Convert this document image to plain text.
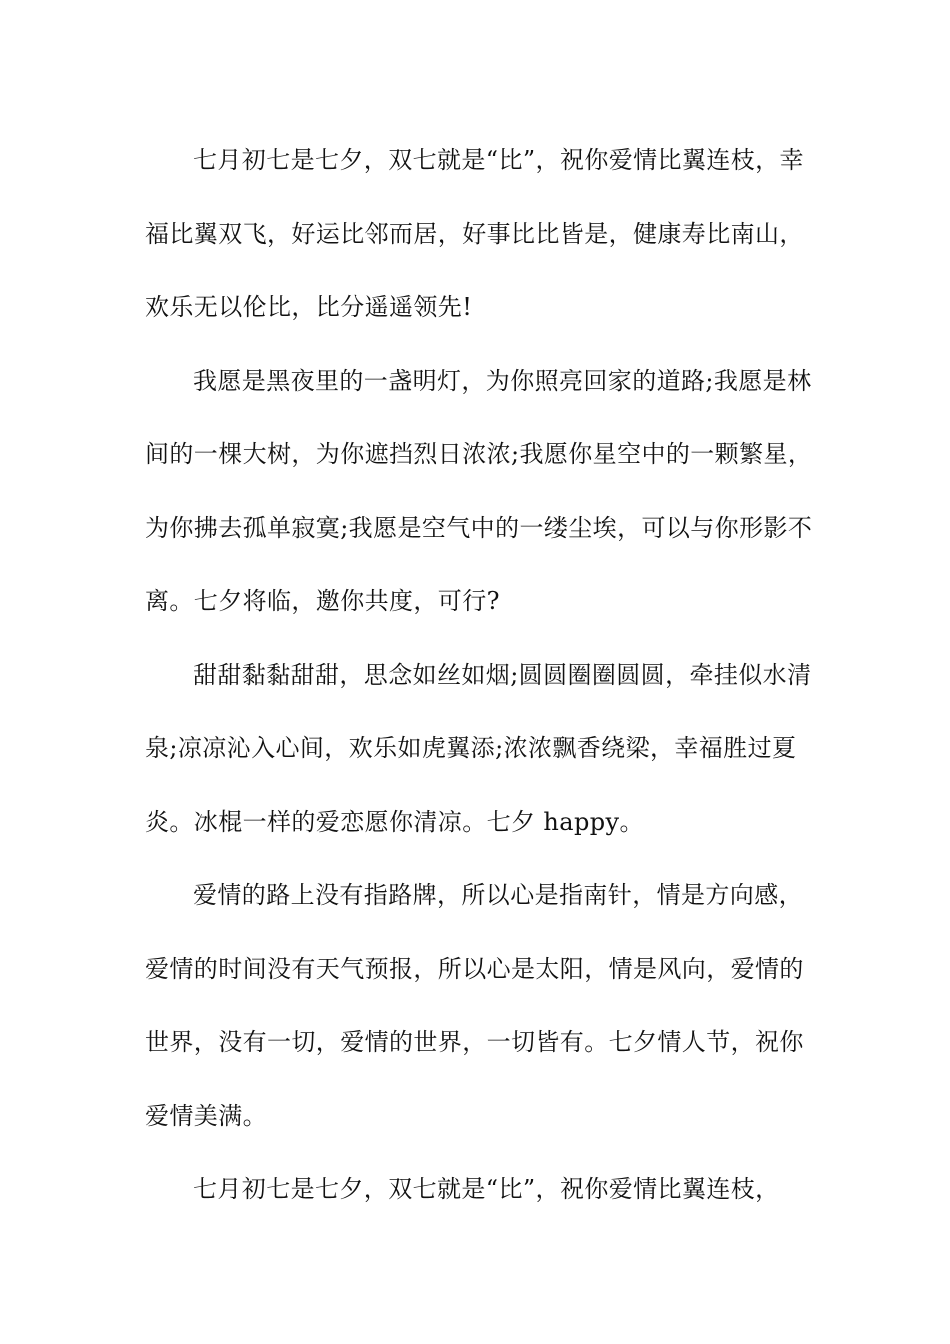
七月初七是七夕，双七就是“比”，祝你爱情比翼连枝，幸福比翼双飞，好运比邻而居，好事比比皆是，健康寿比南山，欢乐无以伦比，比分遥遥领先!

我愿是黑夜里的一盏明灯，为你照亮回家的道路;我愿是林间的一棵大树，为你遮挡烈日浓浓;我愿你星空中的一颗繁星，为你拂去孤单寂寞;我愿是空气中的一缕尘埃，可以与你形影不离。七夕将临，邀你共度，可行?

甜甜黏黏甜甜，思念如丝如烟;圆圆圈圈圆圆，牵挂似水清泉;凉凉沁入心间，欢乐如虎翼添;浓浓飘香绕梁，幸福胜过夏炎。冰棍一样的爱恋愿你清凉。七夕 happy。

爱情的路上没有指路牌，所以心是指南针，情是方向感，爱情的时间没有天气预报，所以心是太阳，情是风向，爱情的世界，没有一切，爱情的世界，一切皆有。七夕情人节，祝你爱情美满。

七月初七是七夕，双七就是“比”，祝你爱情比翼连枝，
